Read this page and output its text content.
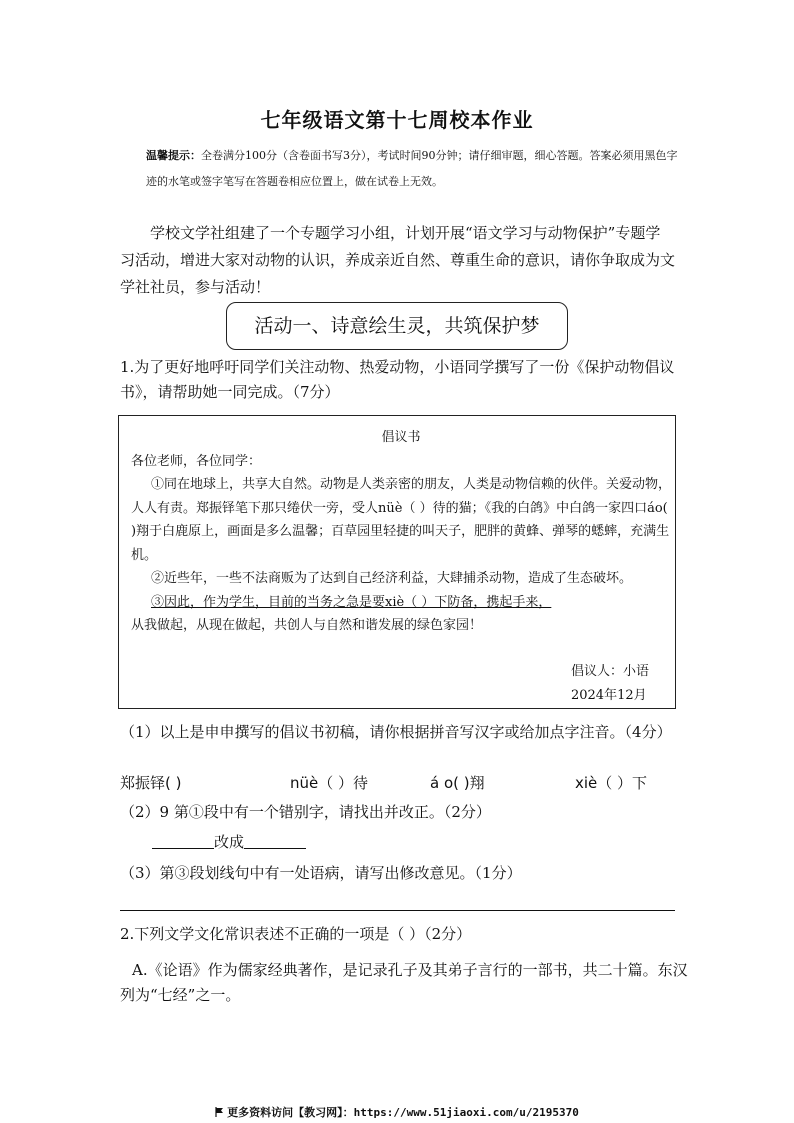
七年级语文第十七周校本作业
温馨提示：全卷满分100分（含卷面书写3分），考试时间90分钟；请仔细审题，细心答题。答案必须用黑色字迹的水笔或签字笔写在答题卷相应位置上，做在试卷上无效。
学校文学社组建了一个专题学习小组，计划开展“语文学习与动物保护”专题学习活动，增进大家对动物的认识，养成亲近自然、尊重生命的意识，请你争取成为文学社社员，参与活动！
活动一、诗意绘生灵，共筑保护梦
1.为了更好地呼吁同学们关注动物、热爱动物，小语同学撰写了一份《保护动物倡议书》，请帮助她一同完成。（7分）
倡议书
各位老师，各位同学：
①同在地球上，共享大自然。动物是人类亲密的朋友，人类是动物信赖的伙伴。关爱动物，人人有责。郑振铎笔下那只绻伏一旁，受人nüè（ ）待的猫；《我的白鸽》中白鸽一家四口áo( )翔于白鹿原上，画面是多么温馨；百草园里轻捷的叫天子，肥胖的黄蜂、弹琴的蟋蟀，充满生机。
②近些年，一些不法商贩为了达到自己经济利益，大肆捕杀动物，造成了生态破坏。
③因此，作为学生，目前的当务之急是要xiè（ ）下防备，携起手来，
从我做起，从现在做起，共创人与自然和谐发展的绿色家园！
倡议人：小语
2024年12月
（1）以上是申申撰写的倡议书初稿，请你根据拼音写汉字或给加点字注音。（4分）
郑振铎( )	nüè（ ）待	á o( )翔	xiè（ ）下
（2）9 第①段中有一个错别字，请找出并改正。（2分）
改成
（3）第③段划线句中有一处语病，请写出修改意见。（1分）
2.下列文学文化常识表述不正确的一项是（ ）（2分）
A.《论语》作为儒家经典著作，是记录孔子及其弟子言行的一部书，共二十篇。东汉列为“七经”之一。
更多资料访问【教习网】：https://www.51jiaoxi.com/u/2195370
